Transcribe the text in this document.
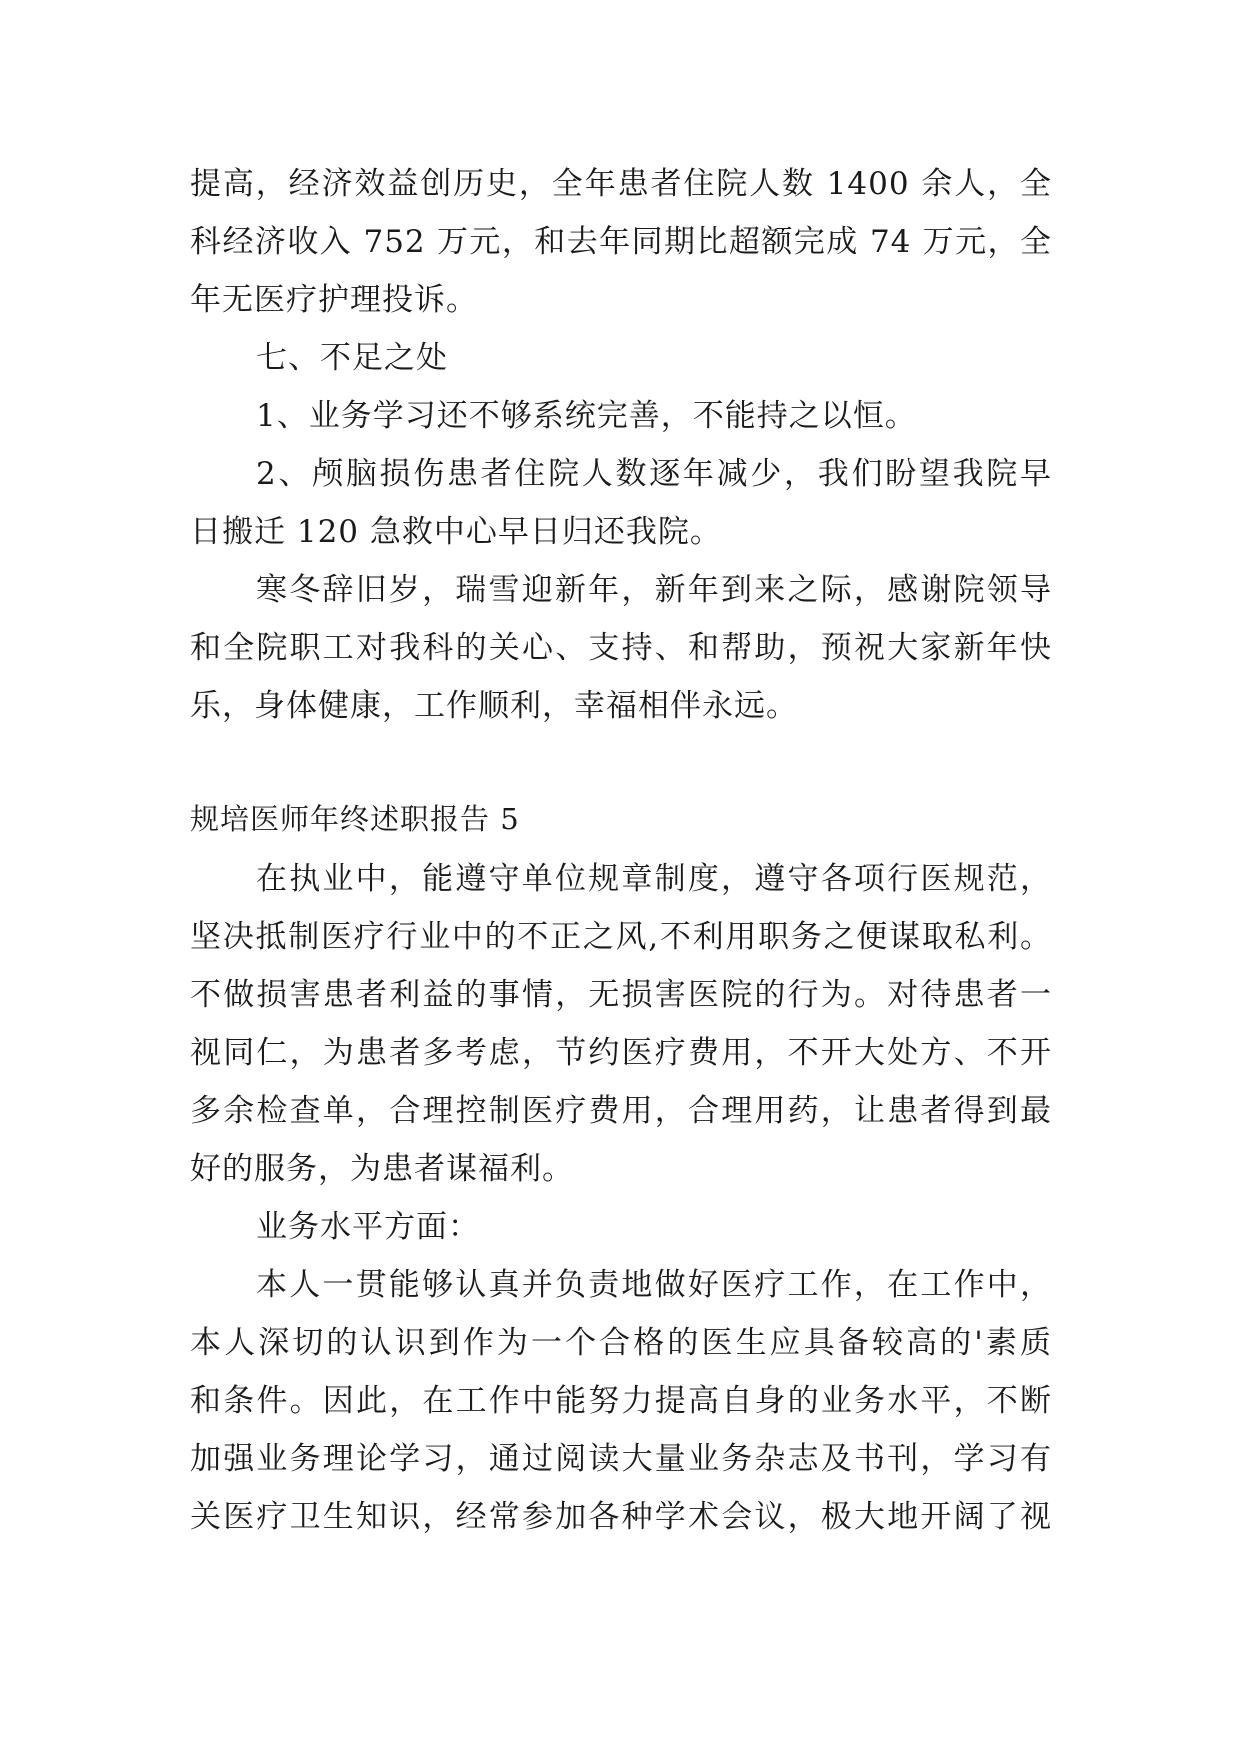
提高，经济效益创历史，全年患者住院人数 1400 余人，全
科经济收入 752 万元，和去年同期比超额完成 74 万元，全
年无医疗护理投诉。
七、不足之处
1、业务学习还不够系统完善，不能持之以恒。
2、颅脑损伤患者住院人数逐年减少，我们盼望我院早
日搬迁 120 急救中心早日归还我院。
寒冬辞旧岁，瑞雪迎新年，新年到来之际，感谢院领导
和全院职工对我科的关心、支持、和帮助，预祝大家新年快
乐，身体健康，工作顺利，幸福相伴永远。
规培医师年终述职报告 5
在执业中，能遵守单位规章制度，遵守各项行医规范，
坚决抵制医疗行业中的不正之风,不利用职务之便谋取私利。
不做损害患者利益的事情，无损害医院的行为。对待患者一
视同仁，为患者多考虑，节约医疗费用，不开大处方、不开
多余检查单，合理控制医疗费用，合理用药，让患者得到最
好的服务，为患者谋福利。
业务水平方面：
本人一贯能够认真并负责地做好医疗工作，在工作中，
本人深切的认识到作为一个合格的医生应具备较高的'素质
和条件。因此，在工作中能努力提高自身的业务水平，不断
加强业务理论学习，通过阅读大量业务杂志及书刊，学习有
关医疗卫生知识，经常参加各种学术会议，极大地开阔了视
